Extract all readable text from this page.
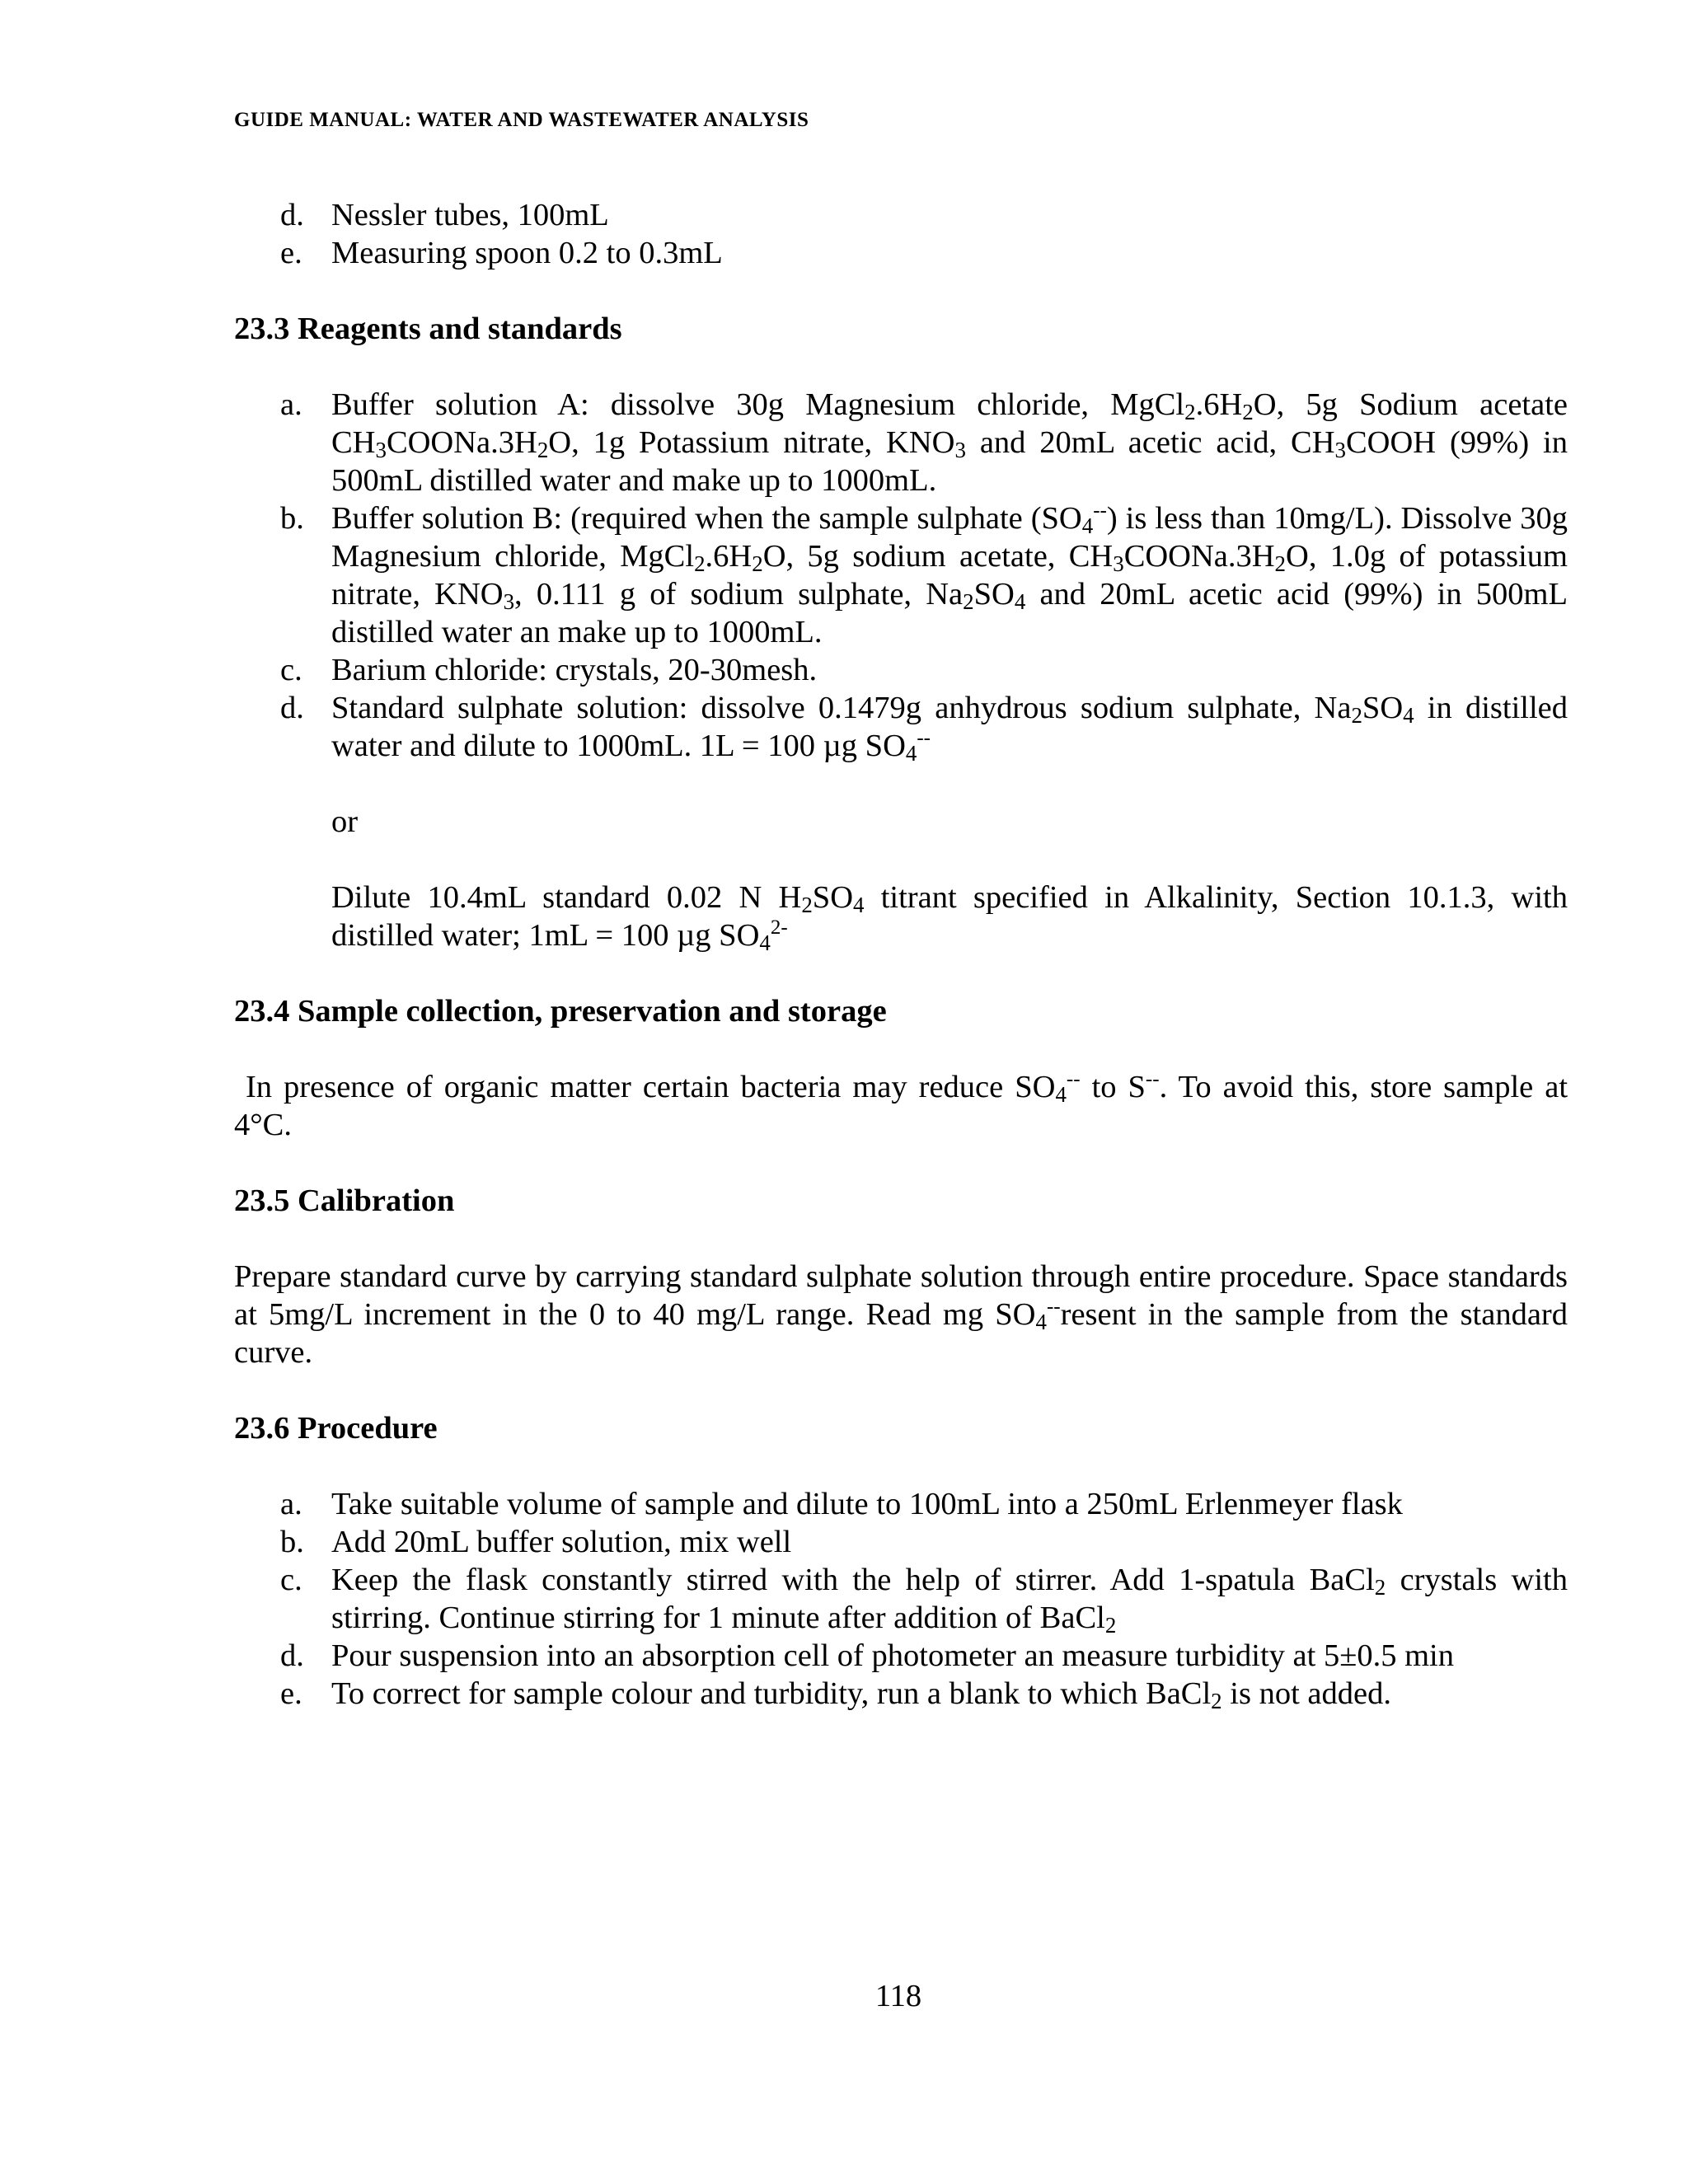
GUIDE MANUAL: WATER AND WASTEWATER ANALYSIS
d. Nessler tubes, 100mL
e. Measuring spoon 0.2 to 0.3mL
23.3 Reagents and standards
a. Buffer solution A: dissolve 30g Magnesium chloride, $MgCl_2.6H_2O$, 5g Sodium acetate $CH_3COONa.3H_2O$, 1g Potassium nitrate, $KNO_3$ and 20mL acetic acid, $CH_3COOH$ (99%) in 500mL distilled water and make up to 1000mL.
b. Buffer solution B: (required when the sample sulphate $(SO_4^{--})$ is less than 10mg/L). Dissolve 30g Magnesium chloride, $MgCl_2.6H_2O$, 5g sodium acetate, $CH_3COONa.3H_2O$, 1.0g of potassium nitrate, $KNO_3$, 0.111 g of sodium sulphate, $Na_2SO_4$ and 20mL acetic acid (99%) in 500mL distilled water an make up to 1000mL.
c. Barium chloride: crystals, 20-30mesh.
d. Standard sulphate solution: dissolve 0.1479g anhydrous sodium sulphate, $Na_2SO_4$ in distilled water and dilute to 1000mL. 1L = 100 µg $SO_4^{--}$

or

Dilute 10.4mL standard 0.02 N $H_2SO_4$ titrant specified in Alkalinity, Section 10.1.3, with distilled water; 1mL = 100 µg $SO_4^{2-}$

23.4 Sample collection, preservation and storage

In presence of organic matter certain bacteria may reduce $SO_4^{--}$ to S--. To avoid this, store sample at 4°C.

23.5 Calibration

Prepare standard curve by carrying standard sulphate solution through entire procedure. Space standards at 5mg/L increment in the 0 to 40 mg/L range. Read mg $SO_4^{--}resent$ in the sample from the standard curve.

23.6 Procedure
a. Take suitable volume of sample and dilute to 100mL into a 250mL Erlenmeyer flask
b. Add 20mL buffer solution, mix well
c. Keep the flask constantly stirred with the help of stirrer. Add 1-spatula BaCl$_2$ crystals with stirring. Continue stirring for 1 minute after addition of BaCl$_2$
d. Pour suspension into an absorption cell of photometer an measure turbidity at 5±0.5 min
e. To correct for sample colour and turbidity, run a blank to which BaCl$_2$ is not added.
118
